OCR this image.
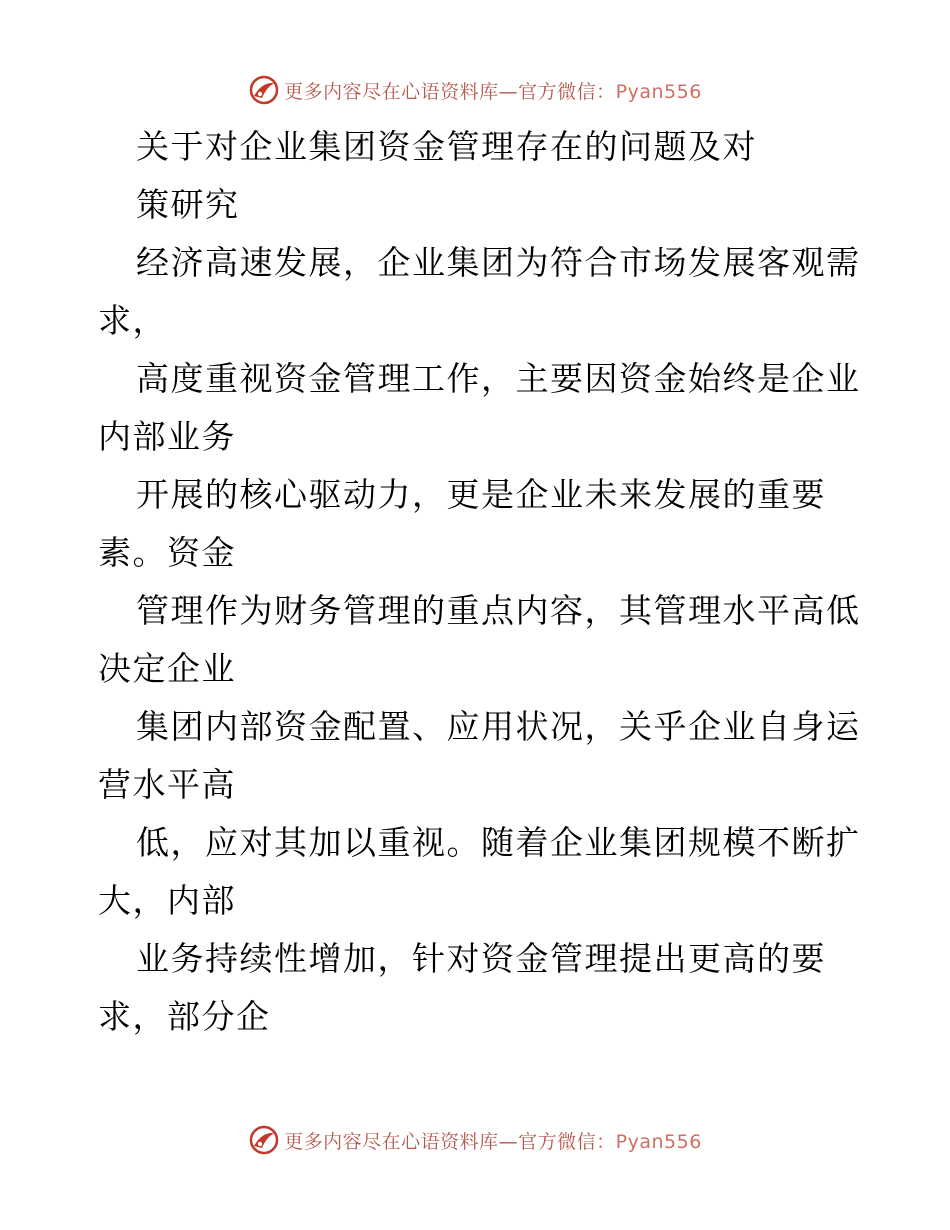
更多内容尽在心语资料库—官方微信：Pyan556
关于对企业集团资金管理存在的问题及对
策研究
经济高速发展，企业集团为符合市场发展客观需
求，
高度重视资金管理工作，主要因资金始终是企业
内部业务
开展的核心驱动力，更是企业未来发展的重要
素。资金
管理作为财务管理的重点内容，其管理水平高低
决定企业
集团内部资金配置、应用状况，关乎企业自身运
营水平高
低，应对其加以重视。随着企业集团规模不断扩
大，内部
业务持续性增加，针对资金管理提出更高的要
求，部分企
更多内容尽在心语资料库—官方微信：Pyan556
